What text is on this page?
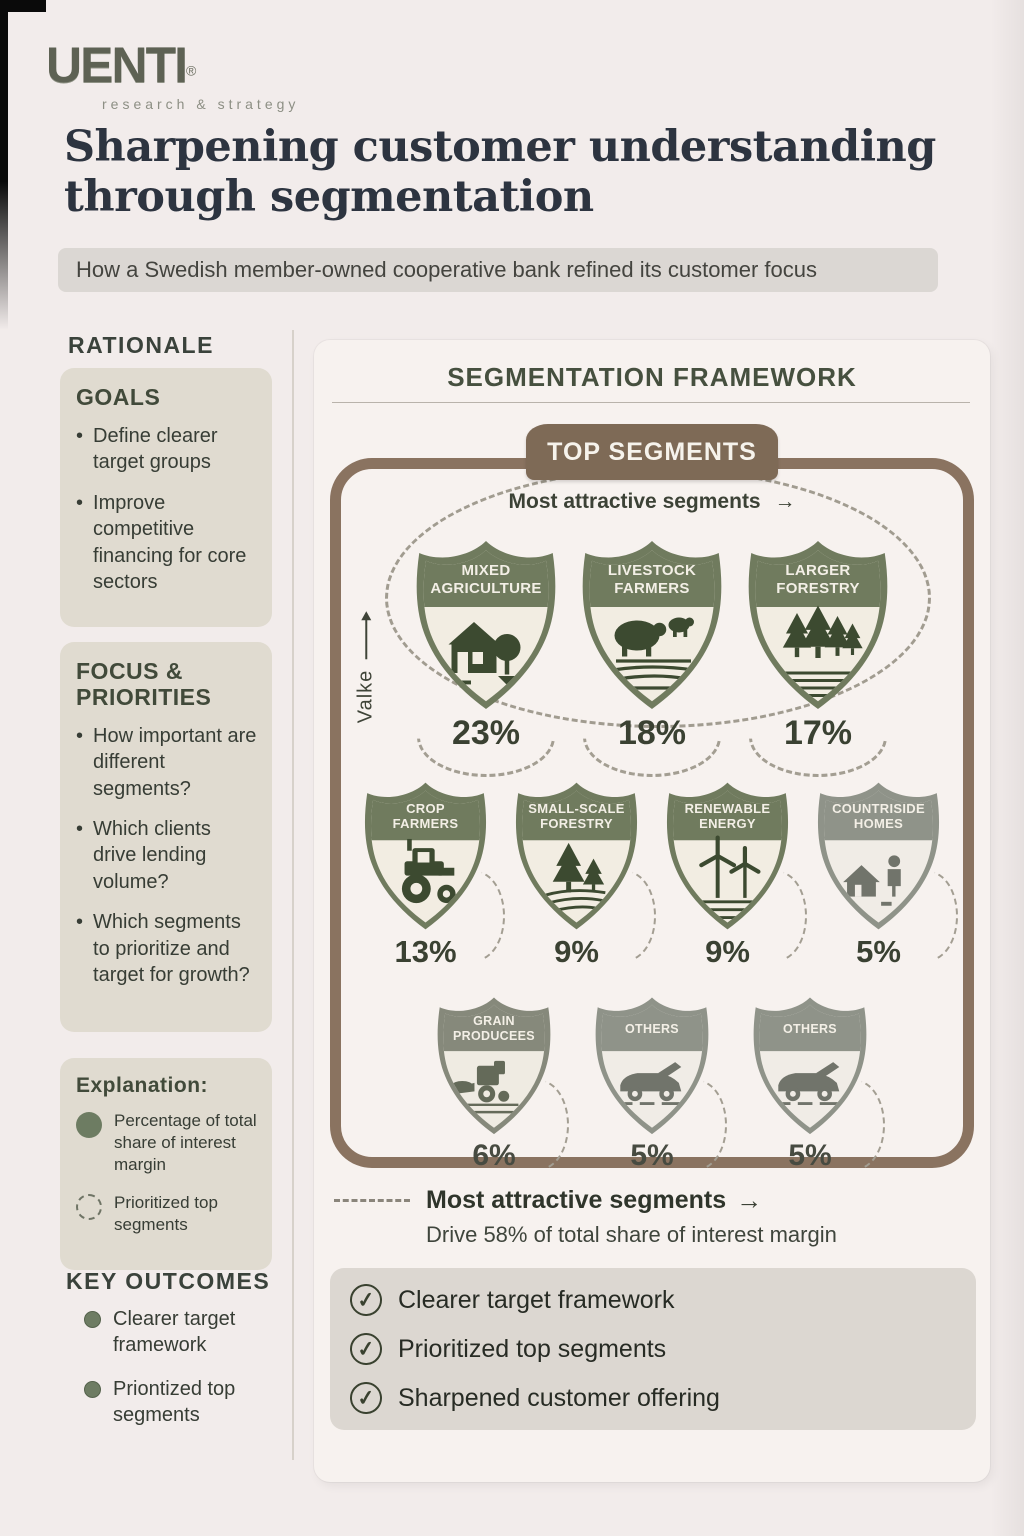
UENTI®
research & strategy
Sharpening customer understanding
through segmentation
How a Swedish member-owned cooperative bank refined its customer focus
RATIONALE
GOALS
• Define clearer target groups
• Improve competitive financing for core sectors
FOCUS & PRIORITIES
• How important are different segments?
• Which clients drive lending volume?
• Which segments to prioritize and target for growth?
Explanation:
Percentage of total share of interest margin
Prioritized top segments
KEY OUTCOMES
Clearer target framework
Priontized top segments
SEGMENTATION FRAMEWORK
TOP SEGMENTS
Most attractive segments →
Valke
MIXED AGRICULTURE
23%
LIVESTOCK FARMERS
18%
LARGER FORESTRY
17%
CROP FARMERS
13%
SMALL-SCALE FORESTRY
9%
RENEWABLE ENERGY
9%
COUNTRISIDE HOMES
5%
GRAIN PRODUCEES
6%
OTHERS
5%
OTHERS
5%
Most attractive segments →
Drive 58% of total share of interest margin
✓ Clearer target framework
✓ Prioritized top segments
✓ Sharpened customer offering
